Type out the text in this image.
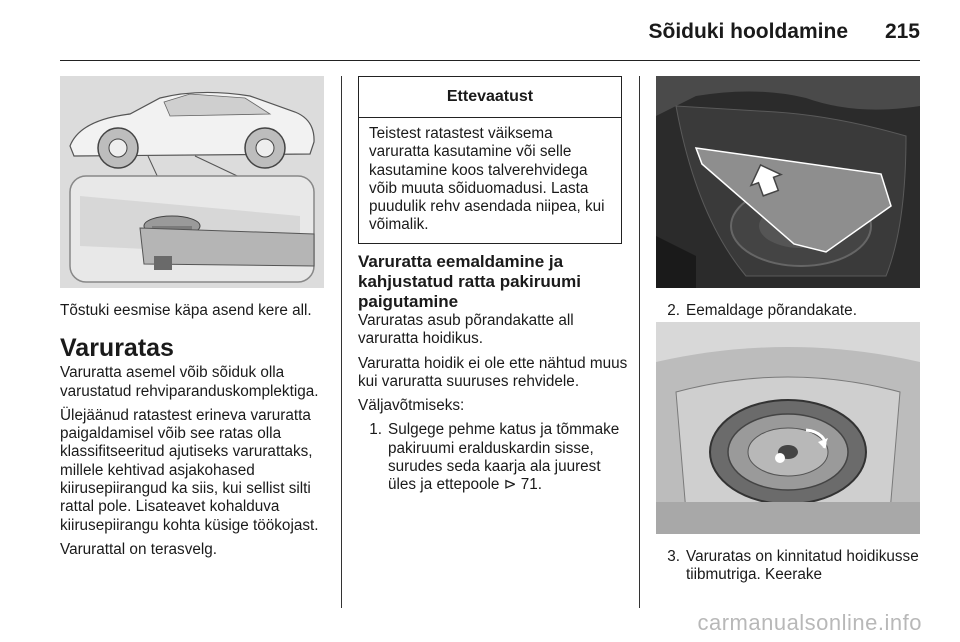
Sõiduki hooldamine 215

Tõstuki eesmise käpa asend kere all.

Varuratas

Varuratta asemel võib sõiduk olla varustatud rehviparanduskomplektiga.

Ülejäänud ratastest erineva varuratta paigaldamisel võib see ratas olla klassifitseeritud ajutiseks varurattaks, millele kehtivad asjakohased kiirusepiirangud ka siis, kui sellist silti rattal pole. Lisateavet kohalduva kiirusepiirangu kohta küsige töökojast.

Varurattal on terasvelg.

Ettevaatust
Teistest ratastest väiksema varuratta kasutamine või selle kasutamine koos talverehvidega võib muuta sõiduomadusi. Lasta puudulik rehv asendada niipea, kui võimalik.
Varuratta eemaldamine ja kahjustatud ratta pakiruumi paigutamine

Varuratas asub põrandakatte all varuratta hoidikus.

Varuratta hoidik ei ole ette nähtud muus kui varuratta suuruses rehvidele.

Väljavõtmiseks:

1. Sulgege pehme katus ja tõmmake pakiruumi eralduskardin sisse, surudes seda kaarja ala juurest üles ja ettepoole ⊳ 71.
2. Eemaldage põrandakate.
3. Varuratas on kinnitatud hoidikusse tiibmutriga. Keerake
carmanualsonline.info
